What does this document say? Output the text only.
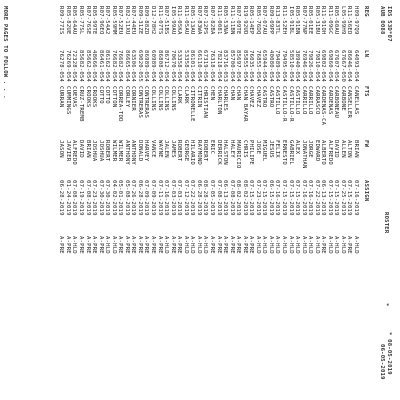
IDS 53D*07
AUB 0088
ROSTER
*
* 08-05-2019
06-05-2019
REG
LN
FTS
FW
ASSIGN
H09-97Q9
64093-054
CANELLAS
BRIAN
07-16-2019
A-HLD
R11-56ED
86046-054
CANSELLER
ALTON
07-15-2019
A-PRE
L05-99H9
67667-050
CARBONE
ALLEN
07-25-2019
A-HLD
R05-60AU
67607-054
CARBONEAU
DAVID
07-15-2019
A-HLD
R11-09GC
69860-054
CARDENAS
ALFREDO
07-15-2019
A-HLD
R11-91OH
69802-054
CARDENAS-CA
ALBERTO
06-13-2019
A-PRE
R05-31BU
79810-054
CARRASCO
EDWARD
07-22-2019
A-HLD
R05-01EE
79826-054
CARRILLO
JORGE
07-16-2019
A-HLD
R07-77NP
76946-054
CARRILLO
JONATHAN
07-16-2019
A-HLD
R05-91BN
38940-054
CASTILLO
ALEX
07-15-2019
A-HLD
I05-91BL
58510-054
CASTILLO-R
GABRIEL
07-15-2019
A-HLD
R11-52EH
79495-054
CASTILLO-R
ERNESTO
07-15-2019
A-HLD
R13-83TL
79489-054
CASTILLO
FELIX
07-16-2019
A-HLD
R09-09PP
40080-054
CASTRO
JESUS
06-15-2019
A-HLD
R07-07AU
65944-054
CASTRO
MIGUEL
07-15-2019
A-HLD
R05-76DQ
76855-054
CHAVEZ
JOSE
07-23-2019
A-HLD
R05-14EP
76035-054
CHAVEZ
PHILIPE
07-15-2019
A-PRE
R19-92UD
85855-054
CHAN BAYAR
CHRIS
08-02-2019
A-PRE
R07-09TE
85697-054
CHAN
MAURICIO
08-02-2019
A-PRE
R11-11BN
85700-054
CHAN
HALEY
07-08-2019
A-PRE
R05-53NA
83716-053
CHARLES
HALSTON
06-13-2019
A-PRE
R11-0081
78218-054
CHARLTON
DERRICK
07-08-2019
A-PRE
R07-82BA
76318-054
CHEN
ERIC
07-05-2019
A-PRE
R07-12PS
67319-054
CHRISTIAN
ROBERT
08-28-2019
A-HLD
R07-83WA
66110-054
CITRIN
RAYMOND
06-28-2019
A-HLD
R05-13AU
86101-054
CITRONELLE
HILARIO
07-22-2019
A-HLD
R11-05AU
53358-054
CLARK
GEORGE
07-12-2019
A-HLD
R11-05KA
53358-054
CLARK
ROBERT
07-03-2019
A-PRE
I05-99AU
70670-054
COLLINS
JAMES
07-03-2019
A-PRE
R07-51BS
86712-054
COLLINS
JALEN
07-16-2019
A-HLD
R11-07TS
86808-054
COLLINS
WAYNE
07-11-2019
A-PRE
D12-78H2
60989-054
COLLINS
VANCE
07-09-2019
A-PRE
R09-88ZD
86989-054
CONTRERAS
HARVEY
07-09-2019
A-PRE
R09-31ZE
69020-055
CONTRERAS
DONALD
06-28-2019
A-PRE
R07-44EU
63506-054
CORNIER
ANTHONY
07-26-2019
A-PRE
R02-11XU
86665-054
CORLEY
ANTHONY
05-08-2019
A-PRE
R07-52EU
76682-054
CORREA-TOD
WILMER
05-01-2019
A-PRE
R05-59MM
76682-054
COTTON
WILMER
04-02-2019
A-HLD
R07-54A2
86162-054
COTTO
ROBERT
07-30-2019
A-HLD
R07-96EO
86461-054
COTTO
JOSHUA
07-30-2019
A-PRE
R05-99TE
48666-054
CROOKS
JOSHUA
07-23-2019
A-PRE
R07-76SE
85662-054
CROOKS
BRIAN
07-08-2019
A-PRE
R05-77SL
85682-054
CRUZ-TREMB
DAVID
07-19-2019
A-PRE
R05-64AU
72328-054
CUEVAS
ALFREDO
07-08-2019
A-HLD
R05-82UE
76269-054
CUMMINGS
JAVIER
01-24-2019
A-PRE
R09-77IS
76278-054
CURRAN
JASON
06-28-2019
A-PRE
MORE PAGES TO FOLLOW . . .
